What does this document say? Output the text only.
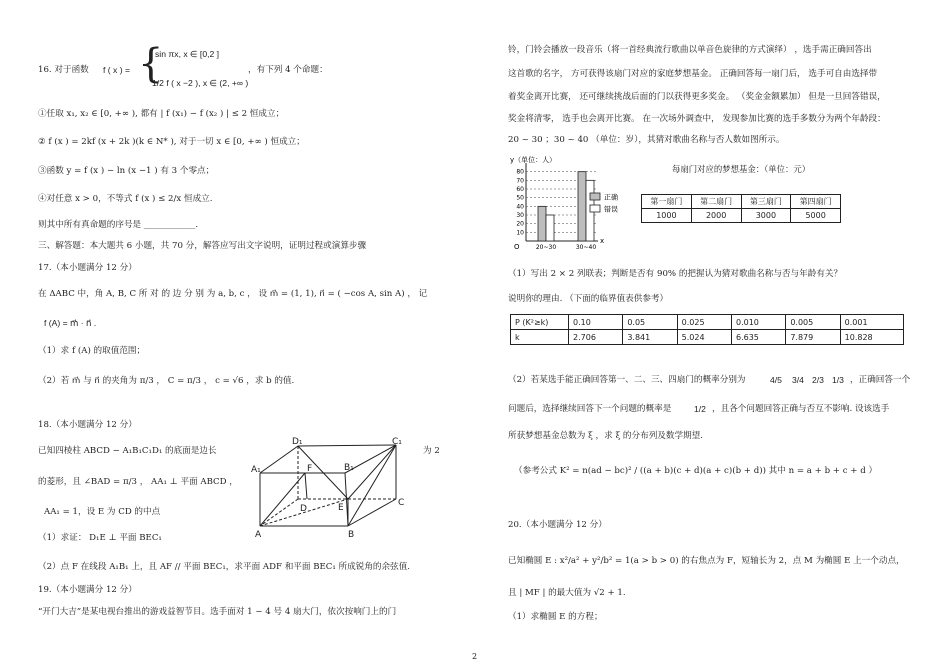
16. 对于函数 f ( x ) = {
sin πx, x ∈ [0,2 ]
1/2 f ( x −2 ), x ∈ (2, +∞ )
，有下列 4 个命题：
①任取 x₁, x₂ ∈ [0, +∞ ), 都有 | f (x₁) − f (x₂ ) | ≤ 2 恒成立；
② f (x ) = 2kf (x + 2k )(k ∈ N* ), 对于一切 x ∈ [0, +∞ ) 恒成立；
③函数 y = f (x ) − ln (x −1 ) 有 3 个零点；
④对任意 x > 0，不等式 f (x ) ≤ 2/x 恒成立.
则其中所有真命题的序号是 ____________.
三、解答题：本大题共 6 小题，共 70 分，解答应写出文字说明，证明过程或演算步骤
17.（本小题满分 12 分）
在 ΔABC 中，角 A, B, C 所 对 的 边 分 别 为 a, b, c ， 设 m⃗ = (1, 1), n⃗ = ( −cos A, sin A) ， 记
f (A) = m⃗ · n⃗ .
（1）求 f (A) 的取值范围；
（2）若 m⃗ 与 n⃗ 的夹角为 π/3 ， C = π/3 ， c = √6 ，求 b 的值.
18.（本小题满分 12 分）
已知四棱柱 ABCD − A₁B₁C₁D₁ 的底面是边长	为 2
的菱形，且 ∠BAD = π/3 ， AA₁ ⊥ 平面 ABCD ，
AA₁ = 1，设 E 为 CD 的中点
（1）求证： D₁E ⊥ 平面 BEC₁
（2）点 F 在线段 A₁B₁ 上，且 AF // 平面 BEC₁，求平面 ADF 和平面 BEC₁ 所成锐角的余弦值.
19.（本小题满分 12 分）
“开门大吉”是某电视台推出的游戏益智节目。选手面对 1 − 4 号 4 扇大门，依次按响门上的门
D₁	C₁
A₁	F	B₁
D	E	C
A	B
铃，门铃会播放一段音乐（将一首经典流行歌曲以单音色旋律的方式演绎） ，选手需正确回答出
这首歌的名字， 方可获得该扇门对应的家庭梦想基金。 正确回答每一扇门后， 选手可自由选择带
着奖金离开比赛， 还可继续挑战后面的门以获得更多奖金。 （奖金金额累加） 但是一旦回答错误，
奖金将清零， 选手也会离开比赛。 在一次场外调查中， 发现参加比赛的选手多数分为两个年龄段：
20 ~ 30 ；30 ~ 40 （单位：岁），其猜对歌曲名称与否人数如图所示。
y（单位：人）
x
O
10
20
30
40
50
60
70
80
20~30	30~40
正确
错误
每扇门对应的梦想基金：（单位：元）
第一扇门	第二扇门	第三扇门	第四扇门
1000	2000	3000	5000
（1）写出 2 × 2 列联表；判断是否有 90% 的把握认为猜对歌曲名称与否与年龄有关？
说明你的理由. （下面的临界值表供参考）
P (K²≥k)	0.10	0.05	0.025	0.010	0.005	0.001
k	2.706	3.841	5.024	6.635	7.879	10.828
（2）若某选手能正确回答第一、二、三、四扇门的概率分别为	4/5 3/4 2/3 1/3 ，正确回答一个
问题后，选择继续回答下一个问题的概率是	1/2 ，且各个问题回答正确与否互不影响. 设该选手
所获梦想基金总数为 ξ ，求 ξ 的分布列及数学期望.
（参考公式 K² = n(ad − bc)² / ((a + b)(c + d)(a + c)(b + d)) 其中 n = a + b + c + d ）
20.（本小题满分 12 分）
已知椭圆 E : x²/a² + y²/b² = 1(a > b > 0) 的右焦点为 F，短轴长为 2，点 M 为椭圆 E 上一个动点，
且 | MF | 的最大值为 √2 + 1.
（1）求椭圆 E 的方程；
2
